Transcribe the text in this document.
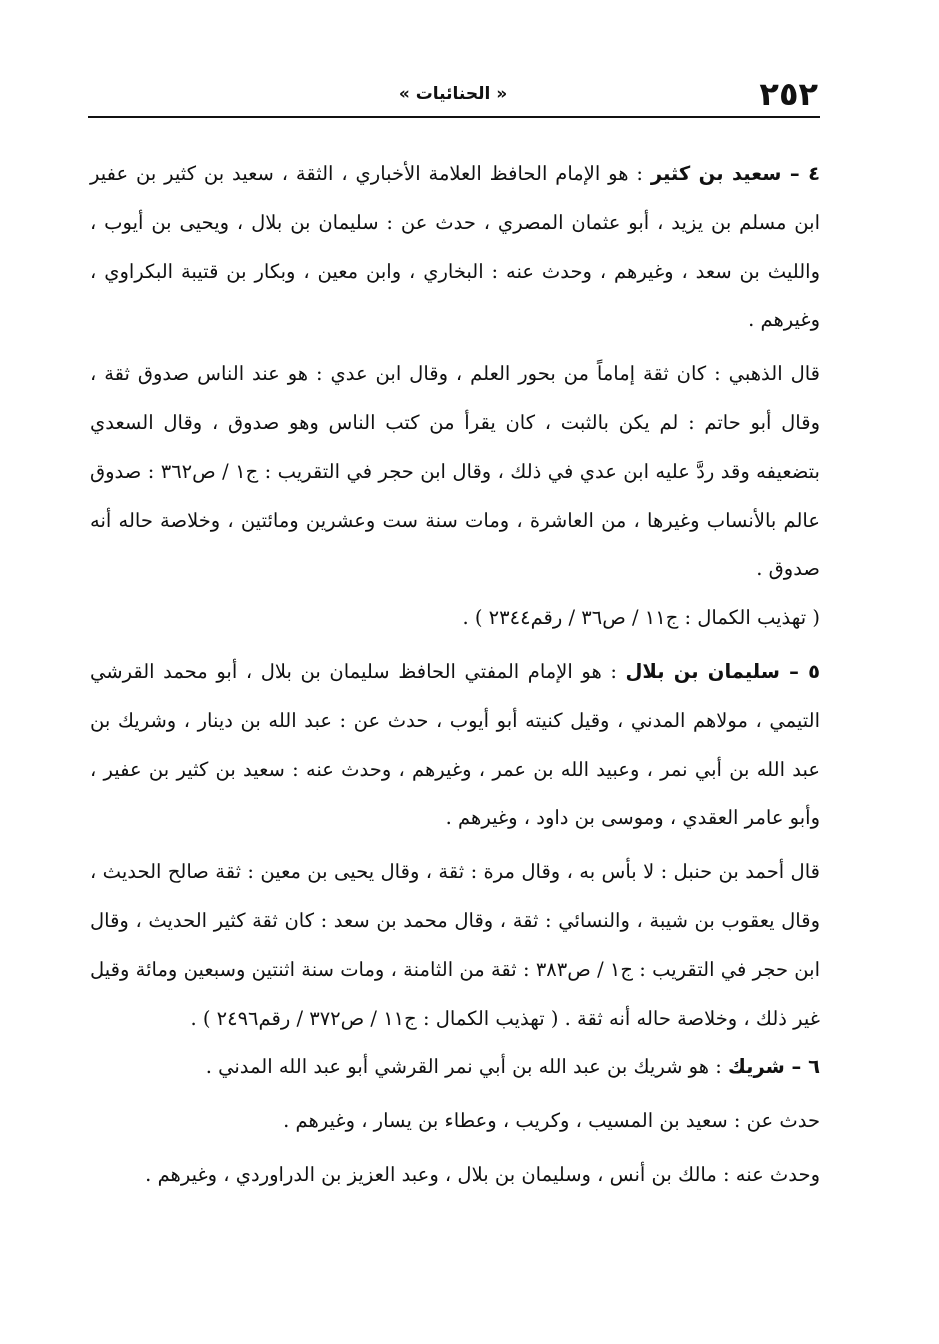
٢٥٢
« الحنائيات »

٤ – سعيد بن كثير : هو الإمام الحافظ العلامة الأخباري ، الثقة ، سعيد بن كثير بن عفير ابن مسلم بن يزيد ، أبو عثمان المصري ، حدث عن : سليمان بن بلال ، ويحيى بن أيوب ، والليث بن سعد ، وغيرهم ، وحدث عنه : البخاري ، وابن معين ، وبكار بن قتيبة البكراوي ، وغيرهم .

قال الذهبي : كان ثقة إماماً من بحور العلم ، وقال ابن عدي : هو عند الناس صدوق ثقة ، وقال أبو حاتم : لم يكن بالثبت ، كان يقرأ من كتب الناس وهو صدوق ، وقال السعدي بتضعيفه وقد ردَّ عليه ابن عدي في ذلك ، وقال ابن حجر في التقريب : ج١ / ص٣٦٢ : صدوق عالم بالأنساب وغيرها ، من العاشرة ، ومات سنة ست وعشرين ومائتين ، وخلاصة حاله أنه صدوق .

( تهذيب الكمال : ج١١ / ص٣٦ / رقم٢٣٤٤ ) .

٥ – سليمان بن بلال : هو الإمام المفتي الحافظ سليمان بن بلال ، أبو محمد القرشي التيمي ، مولاهم المدني ، وقيل كنيته أبو أيوب ، حدث عن : عبد الله بن دينار ، وشريك بن عبد الله بن أبي نمر ، وعبيد الله بن عمر ، وغيرهم ، وحدث عنه : سعيد بن كثير بن عفير ، وأبو عامر العقدي ، وموسى بن داود ، وغيرهم .

قال أحمد بن حنبل : لا بأس به ، وقال مرة : ثقة ، وقال يحيى بن معين : ثقة صالح الحديث ، وقال يعقوب بن شيبة ، والنسائي : ثقة ، وقال محمد بن سعد : كان ثقة كثير الحديث ، وقال ابن حجر في التقريب : ج١ / ص٣٨٣ : ثقة من الثامنة ، ومات سنة اثنتين وسبعين ومائة وقيل غير ذلك ، وخلاصة حاله أنه ثقة . ( تهذيب الكمال : ج١١ / ص٣٧٢ / رقم٢٤٩٦ ) .

٦ – شريك : هو شريك بن عبد الله بن أبي نمر القرشي أبو عبد الله المدني .

حدث عن : سعيد بن المسيب ، وكريب ، وعطاء بن يسار ، وغيرهم .

وحدث عنه : مالك بن أنس ، وسليمان بن بلال ، وعبد العزيز بن الدراوردي ، وغيرهم .
